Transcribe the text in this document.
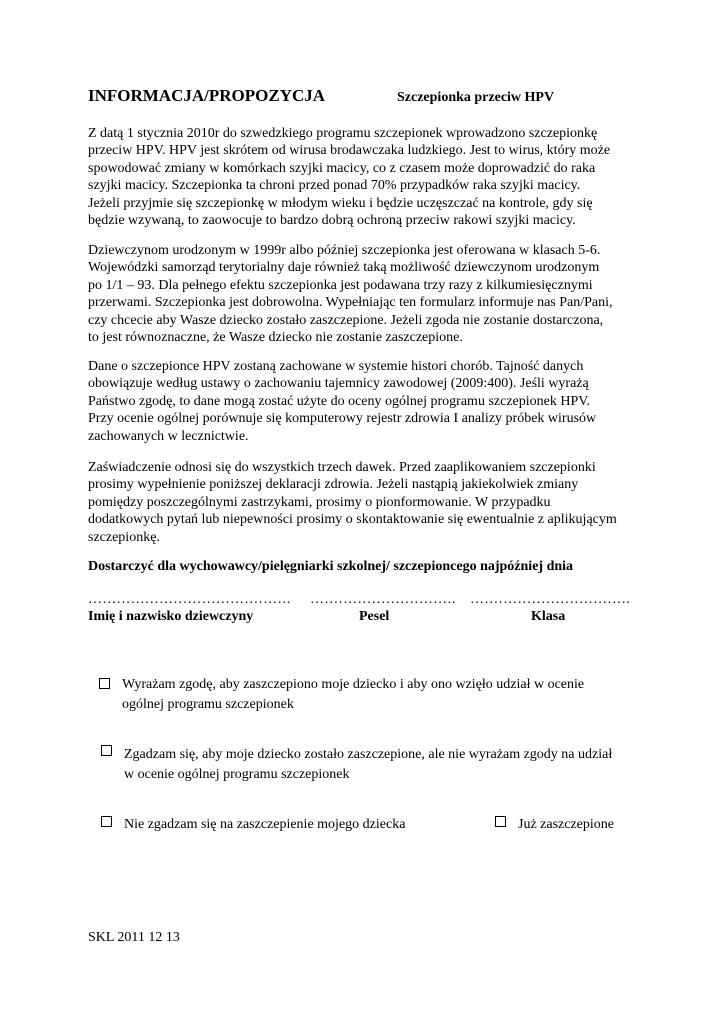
INFORMACJA/PROPOZYCJA	Szczepionka przeciw HPV
Z datą 1 stycznia 2010r do szwedzkiego programu szczepionek wprowadzono szczepionkę
przeciw HPV. HPV jest skrótem od wirusa brodawczaka ludzkiego. Jest to wirus, który może
spowodować zmiany w komórkach szyjki macicy, co z czasem może doprowadzić do raka
szyjki macicy. Szczepionka ta chroni przed ponad 70% przypadków raka szyjki macicy.
Jeżeli przyjmie się szczepionkę w młodym wieku i będzie uczęszczać na kontrole, gdy się
będzie wzywaną, to zaowocuje to bardzo dobrą ochroną przeciw rakowi szyjki macicy.
Dziewczynom urodzonym w 1999r albo później szczepionka jest oferowana w klasach 5-6.
Wojewódzki samorząd terytorialny daje również taką możliwość dziewczynom urodzonym
po 1/1 – 93. Dla pełnego efektu szczepionka jest podawana trzy razy z kilkumiesięcznymi
przerwami. Szczepionka jest dobrowolna. Wypełniając ten formularz informuje nas Pan/Pani,
czy chcecie aby Wasze dziecko zostało zaszczepione. Jeżeli zgoda nie zostanie dostarczona,
to jest równoznaczne, że Wasze dziecko nie zostanie zaszczepione.
Dane o szczepionce HPV zostaną zachowane w systemie histori chorób. Tajność danych
obowiązuje według ustawy o zachowaniu tajemnicy zawodowej (2009:400). Jeśli wyrażą
Państwo zgodę, to dane mogą zostać użyte do oceny ogólnej programu szczepionek HPV.
Przy ocenie ogólnej porównuje się komputerowy rejestr zdrowia I analizy próbek wirusów
zachowanych w lecznictwie.
Zaświadczenie odnosi się do wszystkich trzech dawek. Przed zaaplikowaniem szczepionki
prosimy wypełnienie poniższej deklaracji zdrowia. Jeżeli nastąpią jakiekolwiek zmiany
pomiędzy poszczególnymi zastrzykami, prosimy o pionformowanie. W przypadku
dodatkowych pytań lub niepewności prosimy o skontaktowanie się ewentualnie z aplikującym
szczepionkę.
Dostarczyć dla wychowawcy/pielęgniarki szkolnej/ szczepioncego najpóźniej dnia
……………………………………. …………………………. …………………………….
Imię i nazwisko dziewczyny	Pesel	Klasa
Wyrażam zgodę, aby zaszczepiono moje dziecko i aby ono wzięło udział w ocenie
ogólnej programu szczepionek
Zgadzam się, aby moje dziecko zostało zaszczepione, ale nie wyrażam zgody na udział
w ocenie ogólnej programu szczepionek
Nie zgadzam się na zaszczepienie mojego dziecka	Już zaszczepione
SKL 2011 12 13
